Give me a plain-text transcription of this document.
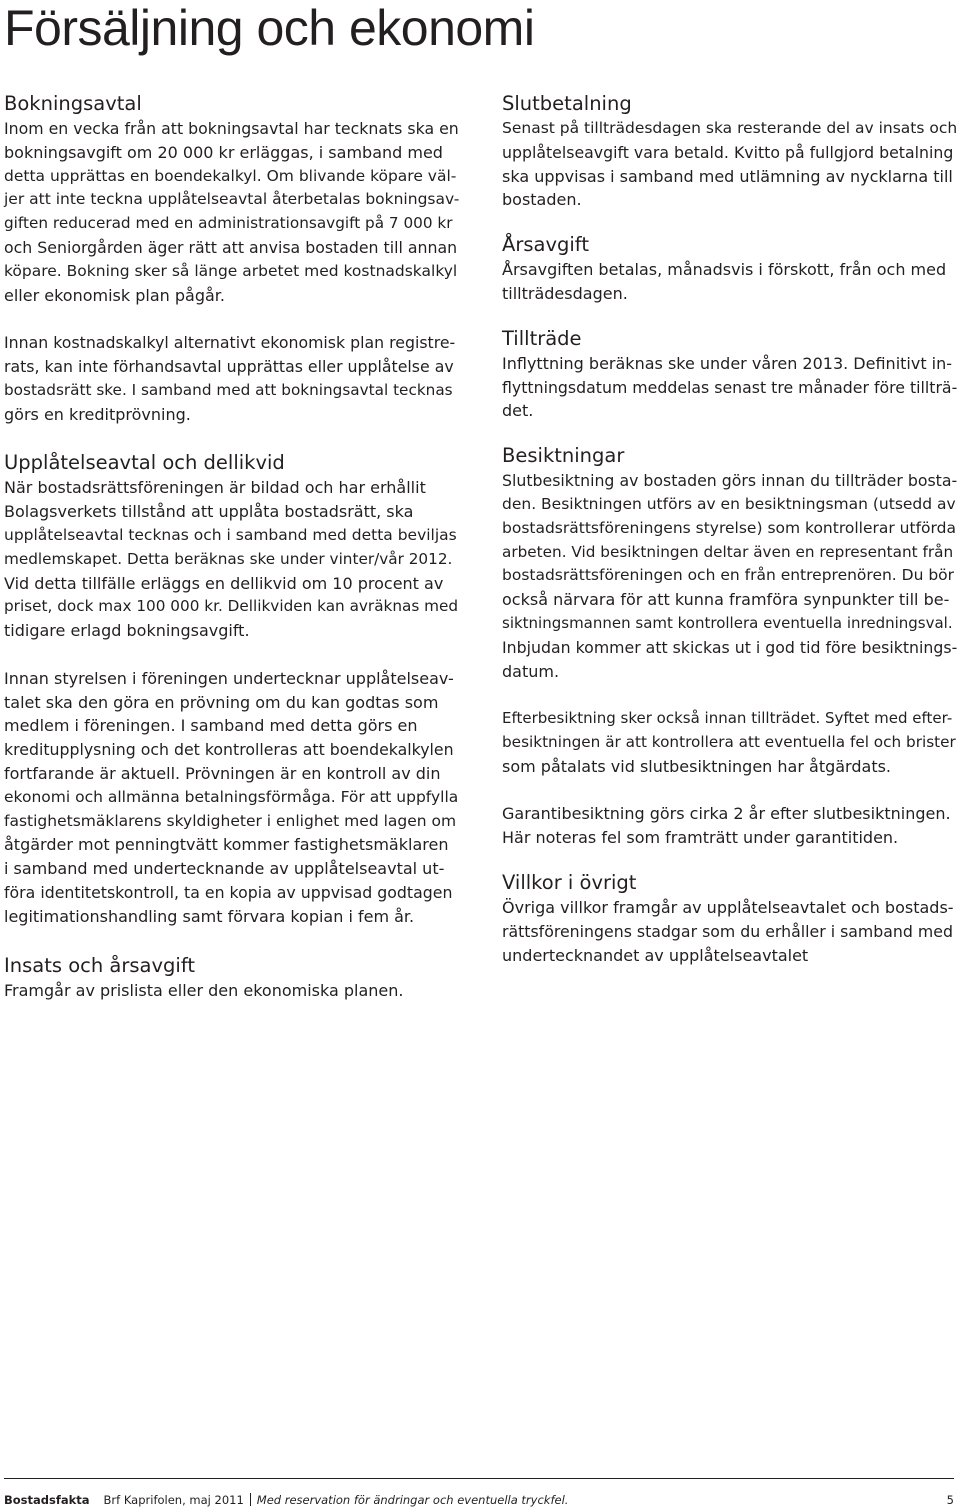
Försäljning och ekonomi
Bokningsavtal

Inom en vecka från att bokningsavtal har tecknats ska en
bokningsavgift om 20 000 kr erläggas, i samband med
detta upprättas en boendekalkyl. Om blivande köpare väl-
jer att inte teckna upplåtelseavtal återbetalas bokningsav-
giften reducerad med en administrationsavgift på 7 000 kr
och Seniorgården äger rätt att anvisa bostaden till annan
köpare. Bokning sker så länge arbetet med kostnadskalkyl
eller ekonomisk plan pågår.

Innan kostnadskalkyl alternativt ekonomisk plan registre-
rats, kan inte förhandsavtal upprättas eller upplåtelse av
bostadsrätt ske. I samband med att bokningsavtal tecknas
görs en kreditprövning.

Upplåtelseavtal och dellikvid

När bostadsrättsföreningen är bildad och har erhållit
Bolagsverkets tillstånd att upplåta bostadsrätt, ska
upplåtelseavtal tecknas och i samband med detta beviljas
medlemskapet. Detta beräknas ske under vinter/vår 2012.
Vid detta tillfälle erläggs en dellikvid om 10 procent av
priset, dock max 100 000 kr. Dellikviden kan avräknas med
tidigare erlagd bokningsavgift.

Innan styrelsen i föreningen undertecknar upplåtelseav-
talet ska den göra en prövning om du kan godtas som
medlem i föreningen. I samband med detta görs en
kreditupplysning och det kontrolleras att boendekalkylen
fortfarande är aktuell. Prövningen är en kontroll av din
ekonomi och allmänna betalningsförmåga. För att uppfylla
fastighetsmäklarens skyldigheter i enlighet med lagen om
åtgärder mot penningtvätt kommer fastighetsmäklaren
i samband med undertecknande av upplåtelseavtal ut-
föra identitetskontroll, ta en kopia av uppvisad godtagen
legitimationshandling samt förvara kopian i fem år.

Insats och årsavgift

Framgår av prislista eller den ekonomiska planen.

Slutbetalning

Senast på tillträdesdagen ska resterande del av insats och
upplåtelseavgift vara betald. Kvitto på fullgjord betalning
ska uppvisas i samband med utlämning av nycklarna till
bostaden.

Årsavgift

Årsavgiften betalas, månadsvis i förskott, från och med
tillträdesdagen.

Tillträde

Inflyttning beräknas ske under våren 2013. Definitivt in-
flyttningsdatum meddelas senast tre månader före tillträ-
det.

Besiktningar

Slutbesiktning av bostaden görs innan du tillträder bosta-
den. Besiktningen utförs av en besiktningsman (utsedd av
bostadsrättsföreningens styrelse) som kontrollerar utförda
arbeten. Vid besiktningen deltar även en representant från
bostadsrättsföreningen och en från entreprenören. Du bör
också närvara för att kunna framföra synpunkter till be-
siktningsmannen samt kontrollera eventuella inredningsval.
Inbjudan kommer att skickas ut i god tid före besiktnings-
datum.

Efterbesiktning sker också innan tillträdet. Syftet med efter-
besiktningen är att kontrollera att eventuella fel och brister
som påtalats vid slutbesiktningen har åtgärdats.

Garantibesiktning görs cirka 2 år efter slutbesiktningen.
Här noteras fel som framträtt under garantitiden.

Villkor i övrigt

Övriga villkor framgår av upplåtelseavtalet och bostads-
rättsföreningens stadgar som du erhåller i samband med
undertecknandet av upplåtelseavtalet

Bostadsfakta Brf Kaprifolen, maj 2011 Med reservation för ändringar och eventuella tryckfel.	5
